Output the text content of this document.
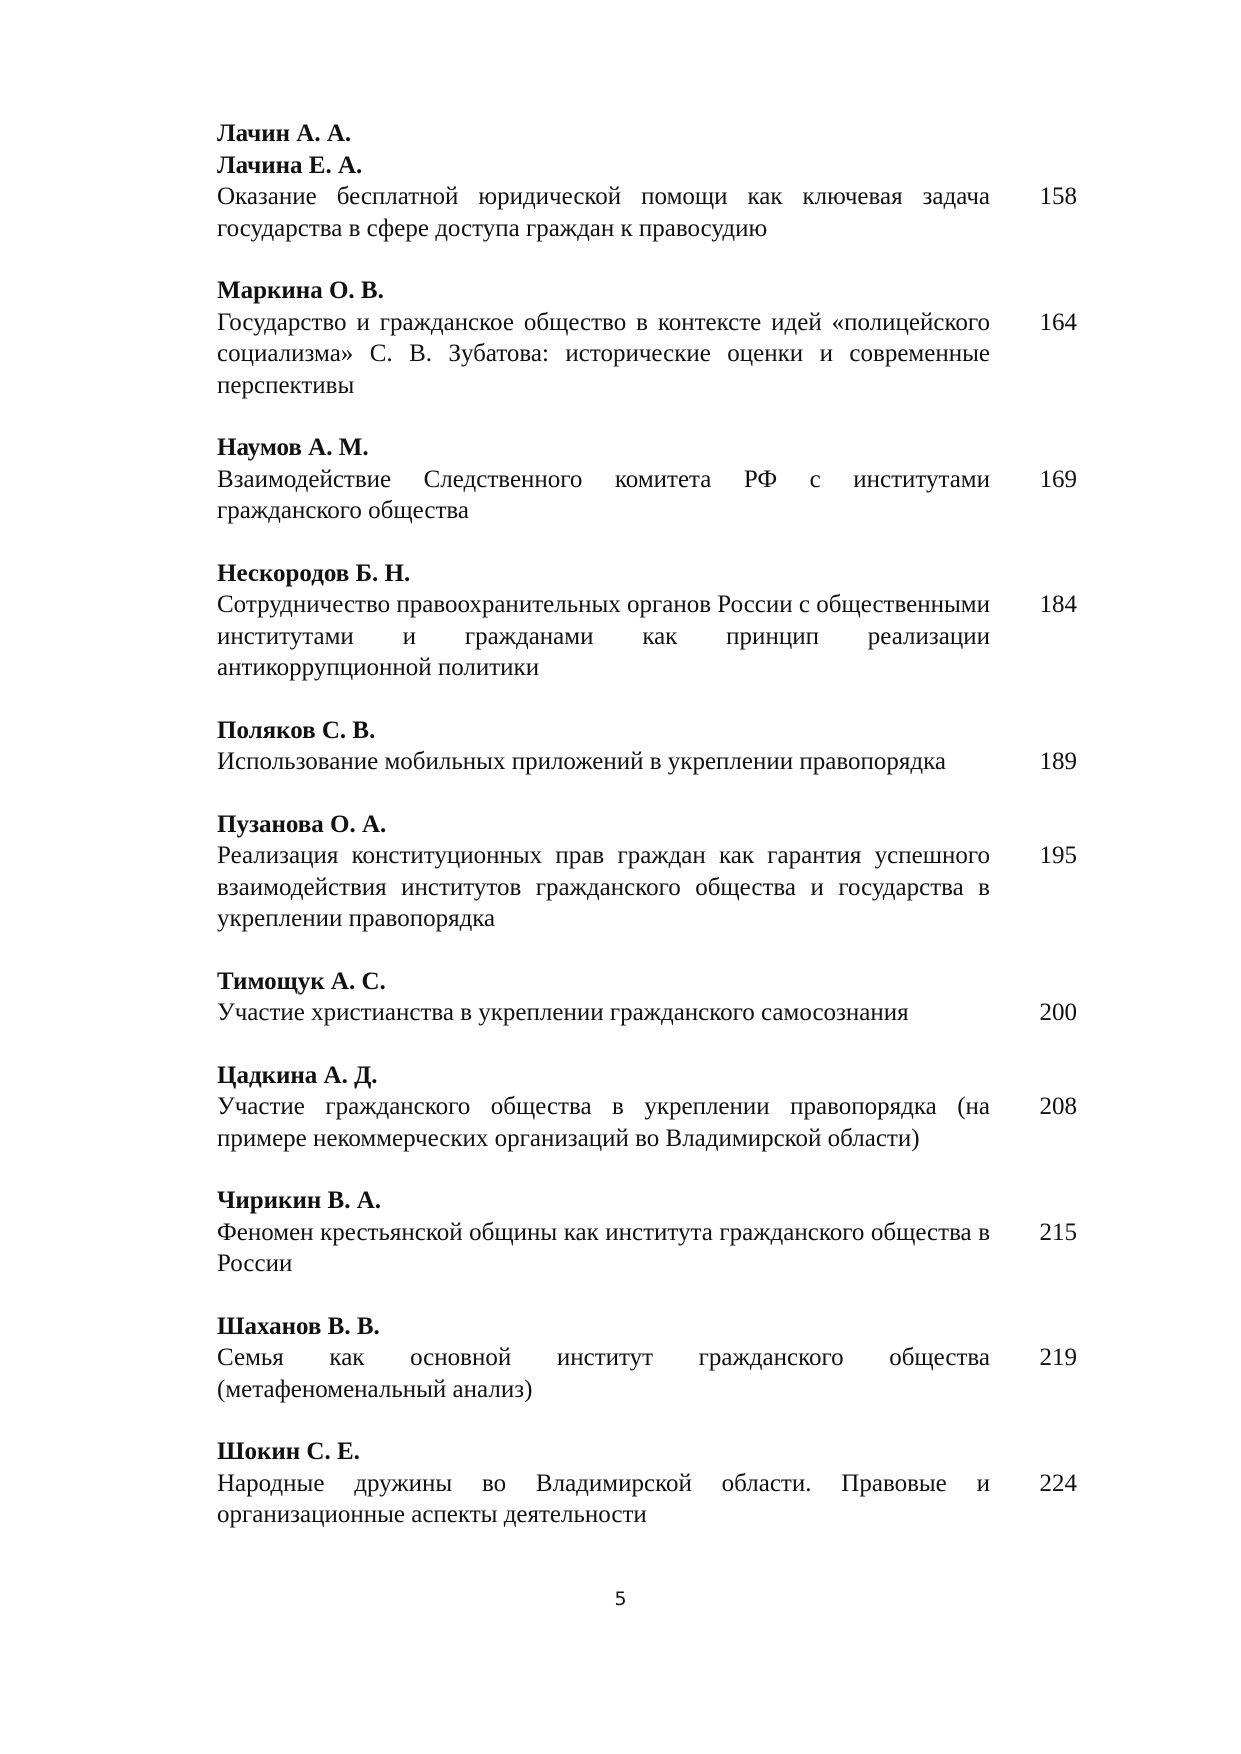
Лачин А. А.
Лачина Е. А.
Оказание бесплатной юридической помощи как ключевая задача государства в сфере доступа граждан к правосудию
158
Маркина О. В.
Государство и гражданское общество в контексте идей «полицейского социализма» С. В. Зубатова: исторические оценки и современные перспективы
164
Наумов А. М.
Взаимодействие Следственного комитета РФ с институтами гражданского общества
169
Нескородов Б. Н.
Сотрудничество правоохранительных органов России с общественными институтами и гражданами как принцип реализации антикоррупционной политики
184
Поляков С. В.
Использование мобильных приложений в укреплении правопорядка	189
Пузанова О. А.
Реализация конституционных прав граждан как гарантия успешного взаимодействия институтов гражданского общества и государства в укреплении правопорядка
195
Тимощук А. С.
Участие христианства в укреплении гражданского самосознания	200
Цадкина А. Д.
Участие гражданского общества в укреплении правопорядка (на примере некоммерческих организаций во Владимирской области)
208
Чирикин В. А.
Феномен крестьянской общины как института гражданского общества в России
215
Шаханов В. В.
Семья как основной институт гражданского общества (метафеноменальный анализ)
219
Шокин С. Е.
Народные дружины во Владимирской области. Правовые и организационные аспекты деятельности
224
5
